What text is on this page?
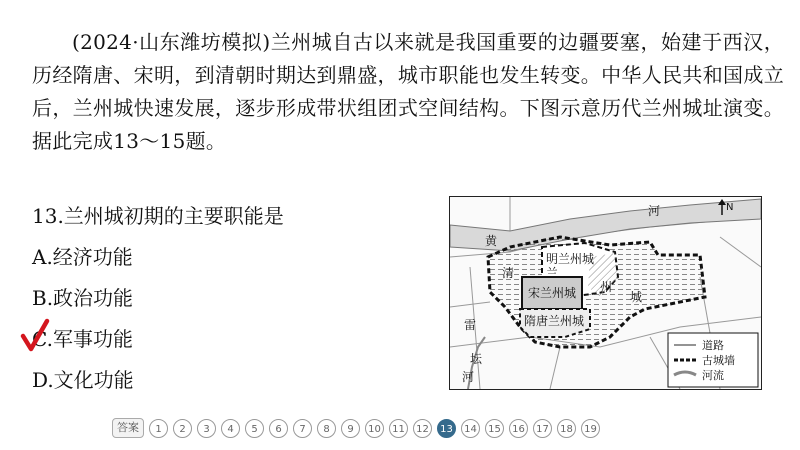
(2024·山东潍坊模拟)兰州城自古以来就是我国重要的边疆要塞，始建于西汉，历经隋唐、宋明，到清朝时期达到鼎盛，城市职能也发生转变。中华人民共和国成立后，兰州城快速发展，逐步形成带状组团式空间结构。下图示意历代兰州城址演变。据此完成13～15题。
13.兰州城初期的主要职能是
A.经济功能
B.政治功能
C.军事功能
D.文化功能
黄
河
清
明兰州城
兰
宋兰州城 州
城
隋唐兰州城
雷
坛
河
N
道路
古城墙
河流
答案	1	2	3	4	5	6	7	8	9	10	11	12	13	14	15	16	17	18	19
